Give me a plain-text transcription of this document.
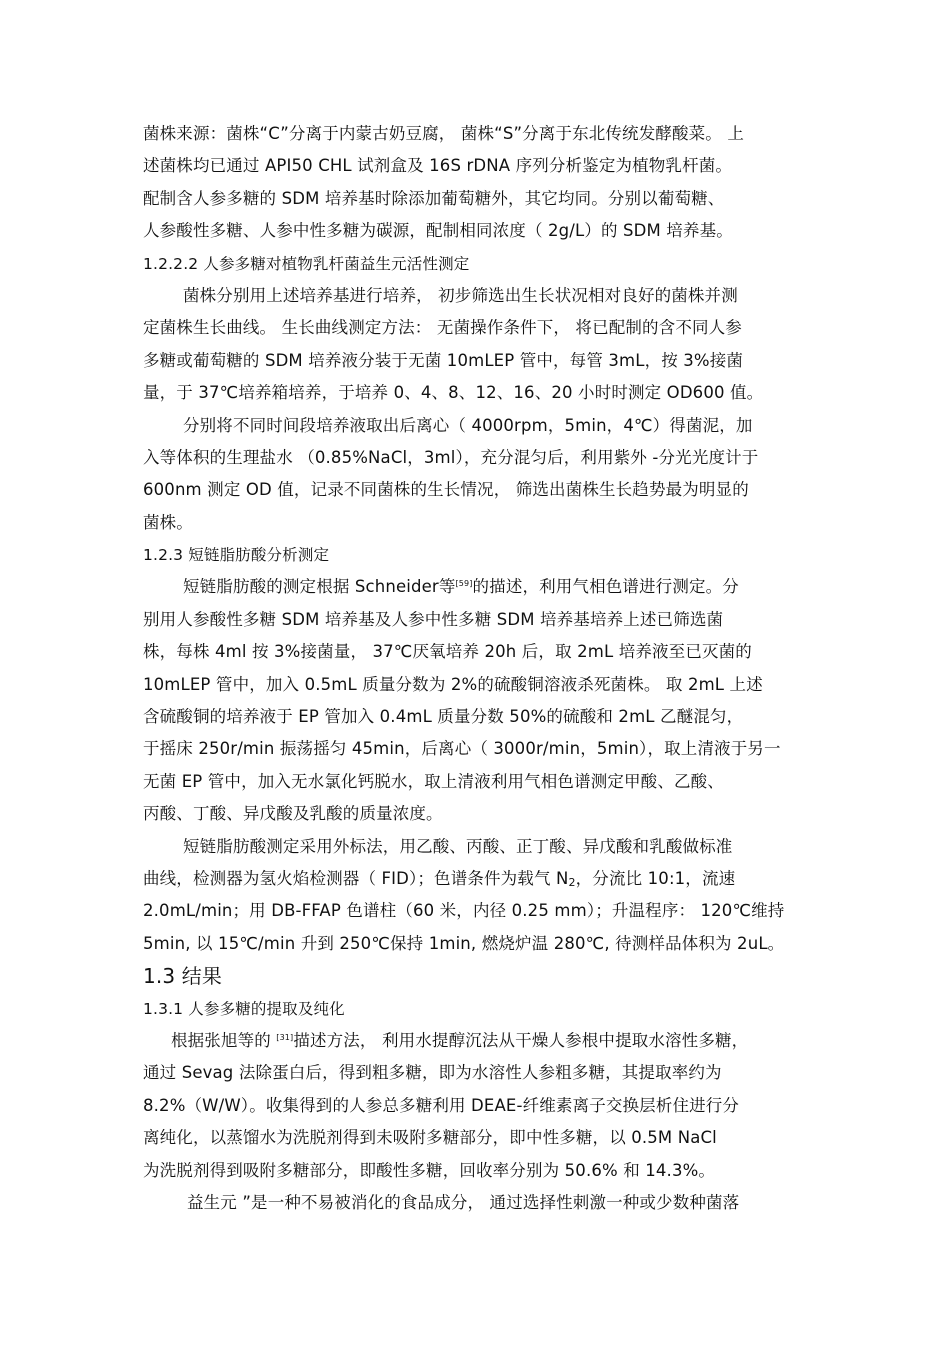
菌株来源：菌株“C”分离于内蒙古奶豆腐， 菌株“S”分离于东北传统发酵酸菜。 上
述菌株均已通过 API50 CHL 试剂盒及 16S rDNA 序列分析鉴定为植物乳杆菌。
配制含人参多糖的 SDM 培养基时除添加葡萄糖外，其它均同。分别以葡萄糖、
人参酸性多糖、人参中性多糖为碳源，配制相同浓度（ 2g/L）的 SDM 培养基。
1.2.2.2 人参多糖对植物乳杆菌益生元活性测定
菌株分别用上述培养基进行培养， 初步筛选出生长状况相对良好的菌株并测
定菌株生长曲线。 生长曲线测定方法： 无菌操作条件下， 将已配制的含不同人参
多糖或葡萄糖的 SDM 培养液分装于无菌 10mLEP 管中，每管 3mL，按 3%接菌
量，于 37℃培养箱培养，于培养 0、4、8、12、16、20 小时时测定 OD600 值。
分别将不同时间段培养液取出后离心（ 4000rpm，5min，4℃）得菌泥，加
入等体积的生理盐水 （0.85%NaCl，3ml），充分混匀后，利用紫外 -分光光度计于
600nm 测定 OD 值，记录不同菌株的生长情况， 筛选出菌株生长趋势最为明显的
菌株。
1.2.3 短链脂肪酸分析测定
短链脂肪酸的测定根据 Schneider等[59]的描述，利用气相色谱进行测定。分
别用人参酸性多糖 SDM 培养基及人参中性多糖 SDM 培养基培养上述已筛选菌
株，每株 4ml 按 3%接菌量， 37℃厌氧培养 20h 后，取 2mL 培养液至已灭菌的
10mLEP 管中，加入 0.5mL 质量分数为 2%的硫酸铜溶液杀死菌株。 取 2mL 上述
含硫酸铜的培养液于 EP 管加入 0.4mL 质量分数 50%的硫酸和 2mL 乙醚混匀，
于摇床 250r/min 振荡摇匀 45min，后离心（ 3000r/min，5min），取上清液于另一
无菌 EP 管中，加入无水氯化钙脱水，取上清液利用气相色谱测定甲酸、乙酸、
丙酸、丁酸、异戊酸及乳酸的质量浓度。
短链脂肪酸测定采用外标法，用乙酸、丙酸、正丁酸、异戊酸和乳酸做标准
曲线，检测器为氢火焰检测器（ FID）；色谱条件为载气 $N_2$，分流比 10:1，流速
2.0mL/min；用 DB-FFAP 色谱柱（60 米，内径 0.25 mm）；升温程序： 120℃维持
5min, 以 15℃/min 升到 250℃保持 1min, 燃烧炉温 280℃, 待测样品体积为 2uL。
1.3 结果
1.3.1 人参多糖的提取及纯化
根据张旭等的 [31]描述方法， 利用水提醇沉法从干燥人参根中提取水溶性多糖，
通过 Sevag 法除蛋白后，得到粗多糖，即为水溶性人参粗多糖，其提取率约为
8.2%（W/W）。收集得到的人参总多糖利用 DEAE-纤维素离子交换层析住进行分
离纯化，以蒸馏水为洗脱剂得到未吸附多糖部分，即中性多糖，以 0.5M NaCl
为洗脱剂得到吸附多糖部分，即酸性多糖，回收率分别为 50.6% 和 14.3%。
益生元 ”是一种不易被消化的食品成分， 通过选择性刺激一种或少数种菌落
